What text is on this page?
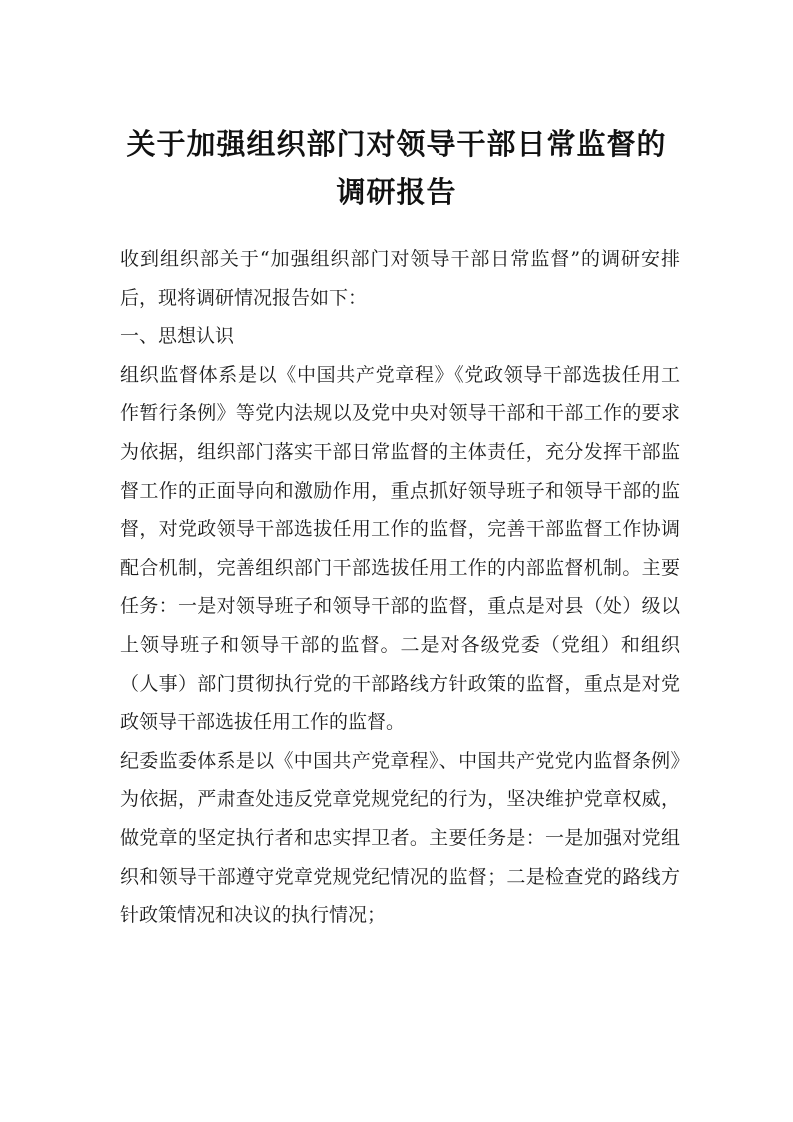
关于加强组织部门对领导干部日常监督的
调研报告

收到组织部关于“加强组织部门对领导干部日常监督”的调研安排后，现将调研情况报告如下：

一、思想认识

组织监督体系是以《中国共产党章程》《党政领导干部选拔任用工作暂行条例》等党内法规以及党中央对领导干部和干部工作的要求为依据，组织部门落实干部日常监督的主体责任，充分发挥干部监督工作的正面导向和激励作用，重点抓好领导班子和领导干部的监督，对党政领导干部选拔任用工作的监督，完善干部监督工作协调配合机制，完善组织部门干部选拔任用工作的内部监督机制。主要任务：一是对领导班子和领导干部的监督，重点是对县（处）级以上领导班子和领导干部的监督。二是对各级党委（党组）和组织（人事）部门贯彻执行党的干部路线方针政策的监督，重点是对党政领导干部选拔任用工作的监督。

纪委监委体系是以《中国共产党章程》、中国共产党党内监督条例》为依据，严肃查处违反党章党规党纪的行为，坚决维护党章权威，做党章的坚定执行者和忠实捍卫者。主要任务是：一是加强对党组织和领导干部遵守党章党规党纪情况的监督；二是检查党的路线方针政策情况和决议的执行情况；
